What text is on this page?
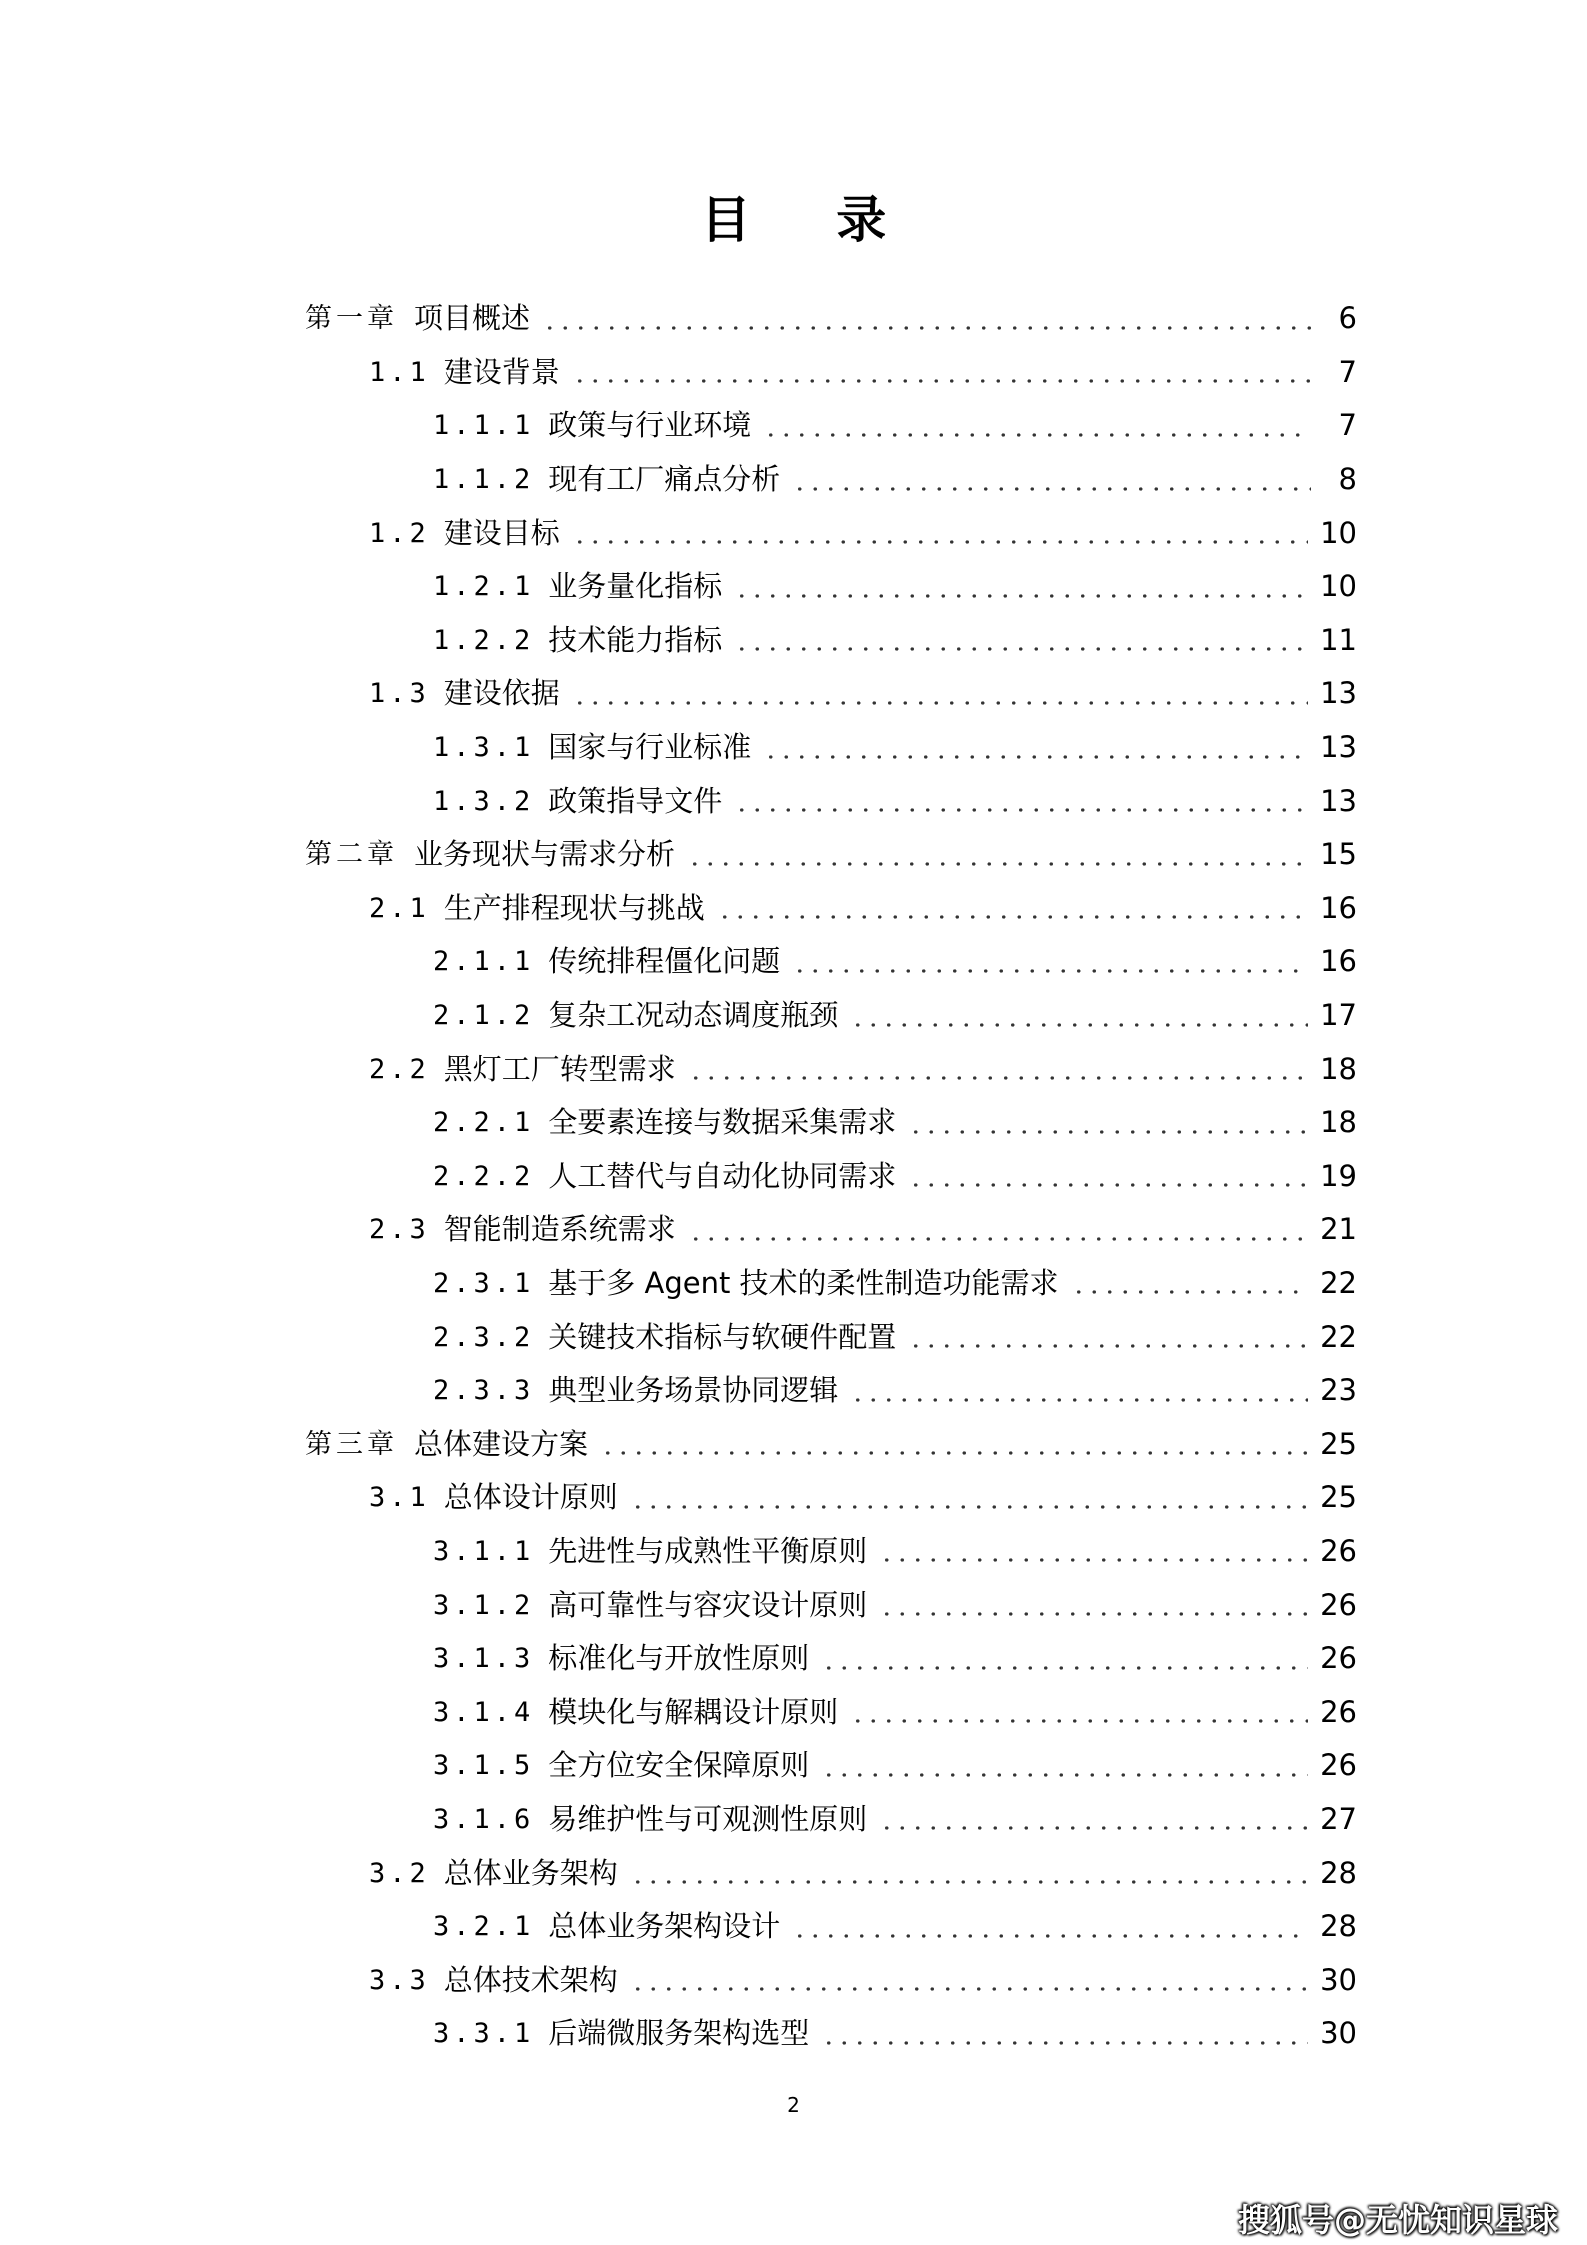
目 录
第一章 项目概述	6
1.1 建设背景	7
1.1.1 政策与行业环境	7
1.1.2 现有工厂痛点分析	8
1.2 建设目标	10
1.2.1 业务量化指标	10
1.2.2 技术能力指标	11
1.3 建设依据	13
1.3.1 国家与行业标准	13
1.3.2 政策指导文件	13
第二章 业务现状与需求分析	15
2.1 生产排程现状与挑战	16
2.1.1 传统排程僵化问题	16
2.1.2 复杂工况动态调度瓶颈	17
2.2 黑灯工厂转型需求	18
2.2.1 全要素连接与数据采集需求	18
2.2.2 人工替代与自动化协同需求	19
2.3 智能制造系统需求	21
2.3.1 基于多 Agent 技术的柔性制造功能需求	22
2.3.2 关键技术指标与软硬件配置	22
2.3.3 典型业务场景协同逻辑	23
第三章 总体建设方案	25
3.1 总体设计原则	25
3.1.1 先进性与成熟性平衡原则	26
3.1.2 高可靠性与容灾设计原则	26
3.1.3 标准化与开放性原则	26
3.1.4 模块化与解耦设计原则	26
3.1.5 全方位安全保障原则	26
3.1.6 易维护性与可观测性原则	27
3.2 总体业务架构	28
3.2.1 总体业务架构设计	28
3.3 总体技术架构	30
3.3.1 后端微服务架构选型	30
2
搜狐号@无忧知识星球
